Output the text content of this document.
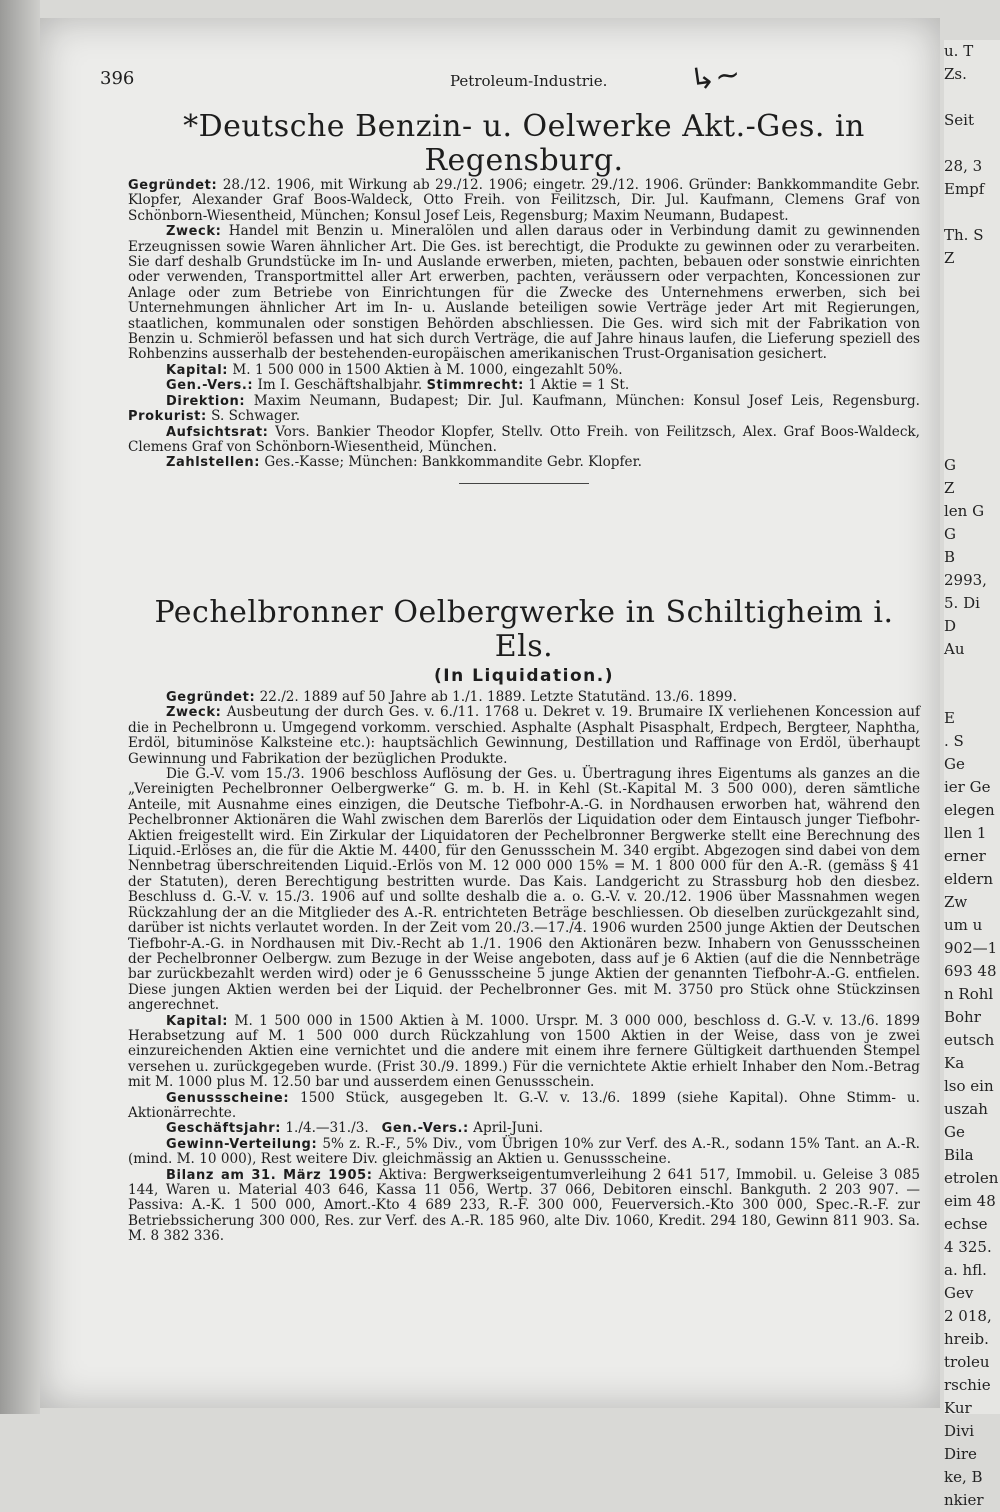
396	Petroleum-Industrie.	↳∼
*Deutsche Benzin- u. Oelwerke Akt.-Ges. in Regensburg.

Gegründet: 28./12. 1906, mit Wirkung ab 29./12. 1906; eingetr. 29./12. 1906. Gründer: Bankkommandite Gebr. Klopfer, Alexander Graf Boos-Waldeck, Otto Freih. von Feilitzsch, Dir. Jul. Kaufmann, Clemens Graf von Schönborn-Wiesentheid, München; Konsul Josef Leis, Regensburg; Maxim Neumann, Budapest.

Zweck: Handel mit Benzin u. Mineralölen und allen daraus oder in Verbindung damit zu gewinnenden Erzeugnissen sowie Waren ähnlicher Art. Die Ges. ist berechtigt, die Produkte zu gewinnen oder zu verarbeiten. Sie darf deshalb Grundstücke im In- und Auslande erwerben, mieten, pachten, bebauen oder sonstwie einrichten oder verwenden, Transportmittel aller Art erwerben, pachten, veräussern oder verpachten, Koncessionen zur Anlage oder zum Betriebe von Einrichtungen für die Zwecke des Unternehmens erwerben, sich bei Unternehmungen ähnlicher Art im In- u. Auslande beteiligen sowie Verträge jeder Art mit Regierungen, staatlichen, kommunalen oder sonstigen Behörden abschliessen. Die Ges. wird sich mit der Fabrikation von Benzin u. Schmieröl befassen und hat sich durch Verträge, die auf Jahre hinaus laufen, die Lieferung speziell des Rohbenzins ausserhalb der bestehenden-europäischen amerikanischen Trust-Organisation gesichert.

Kapital: M. 1 500 000 in 1500 Aktien à M. 1000, eingezahlt 50%.

Gen.-Vers.: Im I. Geschäftshalbjahr. Stimmrecht: 1 Aktie = 1 St.

Direktion: Maxim Neumann, Budapest; Dir. Jul. Kaufmann, München: Konsul Josef Leis, Regensburg. Prokurist: S. Schwager.

Aufsichtsrat: Vors. Bankier Theodor Klopfer, Stellv. Otto Freih. von Feilitzsch, Alex. Graf Boos-Waldeck, Clemens Graf von Schönborn-Wiesentheid, München.

Zahlstellen: Ges.-Kasse; München: Bankkommandite Gebr. Klopfer.

Pechelbronner Oelbergwerke in Schiltigheim i. Els.
(In Liquidation.)

Gegründet: 22./2. 1889 auf 50 Jahre ab 1./1. 1889. Letzte Statutänd. 13./6. 1899.

Zweck: Ausbeutung der durch Ges. v. 6./11. 1768 u. Dekret v. 19. Brumaire IX verliehenen Koncession auf die in Pechelbronn u. Umgegend vorkomm. verschied. Asphalte (Asphalt Pisasphalt, Erdpech, Bergteer, Naphtha, Erdöl, bituminöse Kalksteine etc.): hauptsächlich Gewinnung, Destillation und Raffinage von Erdöl, überhaupt Gewinnung und Fabrikation der bezüglichen Produkte.

Die G.-V. vom 15./3. 1906 beschloss Auflösung der Ges. u. Übertragung ihres Eigentums als ganzes an die „Vereinigten Pechelbronner Oelbergwerke“ G. m. b. H. in Kehl (St.-Kapital M. 3 500 000), deren sämtliche Anteile, mit Ausnahme eines einzigen, die Deutsche Tiefbohr-A.-G. in Nordhausen erworben hat, während den Pechelbronner Aktionären die Wahl zwischen dem Barerlös der Liquidation oder dem Eintausch junger Tiefbohr-Aktien freigestellt wird. Ein Zirkular der Liquidatoren der Pechelbronner Bergwerke stellt eine Berechnung des Liquid.-Erlöses an, die für die Aktie M. 4400, für den Genussschein M. 340 ergibt. Abgezogen sind dabei von dem Nennbetrag überschreitenden Liquid.-Erlös von M. 12 000 000 15% = M. 1 800 000 für den A.-R. (gemäss § 41 der Statuten), deren Berechtigung bestritten wurde. Das Kais. Landgericht zu Strassburg hob den diesbez. Beschluss d. G.-V. v. 15./3. 1906 auf und sollte deshalb die a. o. G.-V. v. 20./12. 1906 über Massnahmen wegen Rückzahlung der an die Mitglieder des A.-R. entrichteten Beträge beschliessen. Ob dieselben zurückgezahlt sind, darüber ist nichts verlautet worden. In der Zeit vom 20./3.—17./4. 1906 wurden 2500 junge Aktien der Deutschen Tiefbohr-A.-G. in Nordhausen mit Div.-Recht ab 1./1. 1906 den Aktionären bezw. Inhabern von Genussscheinen der Pechelbronner Oelbergw. zum Bezuge in der Weise angeboten, dass auf je 6 Aktien (auf die die Nennbeträge bar zurückbezahlt werden wird) oder je 6 Genussscheine 5 junge Aktien der genannten Tiefbohr-A.-G. entfielen. Diese jungen Aktien werden bei der Liquid. der Pechelbronner Ges. mit M. 3750 pro Stück ohne Stückzinsen angerechnet.

Kapital: M. 1 500 000 in 1500 Aktien à M. 1000. Urspr. M. 3 000 000, beschloss d. G.-V. v. 13./6. 1899 Herabsetzung auf M. 1 500 000 durch Rückzahlung von 1500 Aktien in der Weise, dass von je zwei einzureichenden Aktien eine vernichtet und die andere mit einem ihre fernere Gültigkeit darthuenden Stempel versehen u. zurückgegeben wurde. (Frist 30./9. 1899.) Für die vernichtete Aktie erhielt Inhaber den Nom.-Betrag mit M. 1000 plus M. 12.50 bar und ausserdem einen Genussschein.

Genussscheine: 1500 Stück, ausgegeben lt. G.-V. v. 13./6. 1899 (siehe Kapital). Ohne Stimm- u. Aktionärrechte.

Geschäftsjahr: 1./4.—31./3. Gen.-Vers.: April-Juni.

Gewinn-Verteilung: 5% z. R.-F., 5% Div., vom Übrigen 10% zur Verf. des A.-R., sodann 15% Tant. an A.-R. (mind. M. 10 000), Rest weitere Div. gleichmässig an Aktien u. Genussscheine.

Bilanz am 31. März 1905: Aktiva: Bergwerkseigentumverleihung 2 641 517, Immobil. u. Geleise 3 085 144, Waren u. Material 403 646, Kassa 11 056, Wertp. 37 066, Debitoren einschl. Bankguth. 2 203 907. — Passiva: A.-K. 1 500 000, Amort.-Kto 4 689 233, R.-F. 300 000, Feuerversich.-Kto 300 000, Spec.-R.-F. zur Betriebssicherung 300 000, Res. zur Verf. des A.-R. 185 960, alte Div. 1060, Kredit. 294 180, Gewinn 811 903. Sa. M. 8 382 336.

u. T
Zs.

Seit

28, 3
Empf

Th. S
Z

G
Z
len G
G
B
2993,
5. Di
D
Au

E
. S
Ge
ier Ge
elegen
llen 1
erner
eldern
Zw
um u
902—1
693 48
n Rohl
Bohr
eutsch
Ka
lso ein
uszah
Ge
Bila
etrolen
eim 48
echse
4 325.
a. hfl.
Gev
2 018,
hreib.
troleu
rschie
Kur
Divi
Dire
ke, B
nkier
